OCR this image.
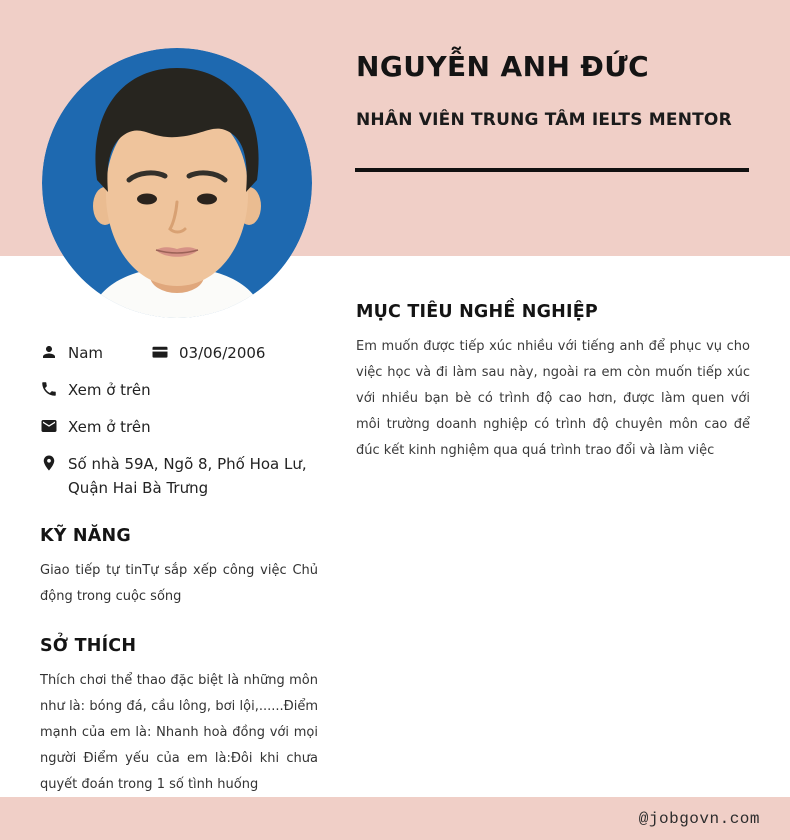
@jobgovn.com
NGUYỄN ANH ĐỨC
NHÂN VIÊN TRUNG TÂM IELTS MENTOR
Nam	03/06/2006
Xem ở trên
Xem ở trên
Số nhà 59A, Ngõ 8, Phố Hoa Lư, Quận Hai Bà Trưng
KỸ NĂNG

Giao tiếp tự tinTự sắp xếp công việc Chủ động trong cuộc sống

SỞ THÍCH

Thích chơi thể thao đặc biệt là những môn như là: bóng đá, cầu lông, bơi lội,......Điểm mạnh của em là: Nhanh hoà đồng với mọi người Điểm yếu của em là:Đôi khi chưa quyết đoán trong 1 số tình huống

MỤC TIÊU NGHỀ NGHIỆP

Em muốn được tiếp xúc nhiều với tiếng anh để phục vụ cho việc học và đi làm sau này, ngoài ra em còn muốn tiếp xúc với nhiều bạn bè có trình độ cao hơn, được làm quen với môi trường doanh nghiệp có trình độ chuyên môn cao để đúc kết kinh nghiệm qua quá trình trao đổi và làm việc
